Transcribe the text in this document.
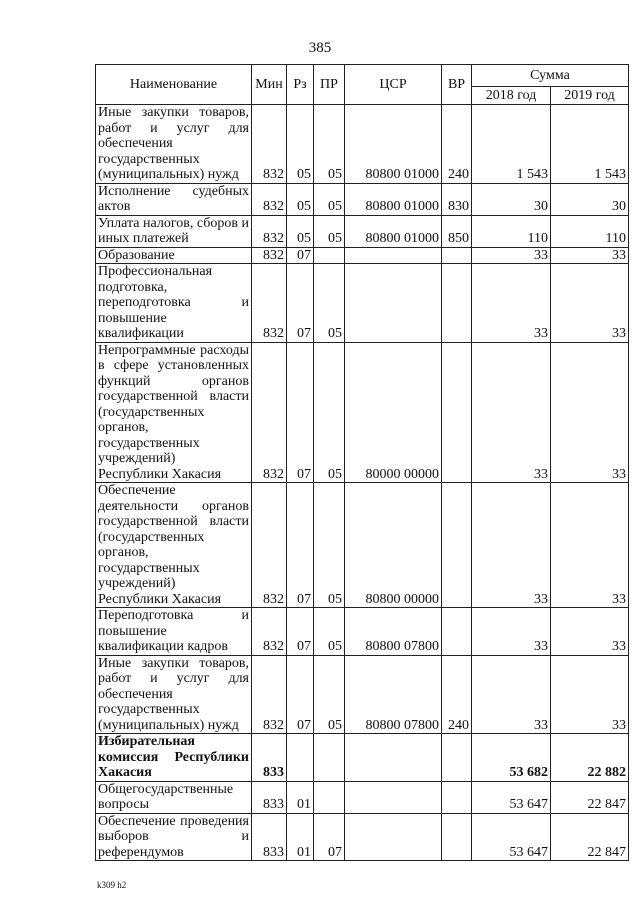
385
Наименование	Мин	Рз	ПР	ЦСР	ВР	Сумма	
						2018 год	2019 год
Иные закупки товаров, работ и услуг для обеспечения государственных (муниципальных) нужд	832	05	05	80800 01000	240	1 543	1 543
Исполнение судебных актов	832	05	05	80800 01000	830	30	30
Уплата налогов, сборов и иных платежей	832	05	05	80800 01000	850	110	110
Образование	832	07				33	33
Профессиональная подготовка, переподготовка и повышение квалификации	832	07	05			33	33
Непрограммные расходы в сфере установленных функций органов государственной власти (государственных органов, государственных учреждений) Республики Хакасия	832	07	05	80000 00000		33	33
Обеспечение деятельности органов государственной власти (государственных органов, государственных учреждений) Республики Хакасия	832	07	05	80800 00000		33	33
Переподготовка и повышение квалификации кадров	832	07	05	80800 07800		33	33
Иные закупки товаров, работ и услуг для обеспечения государственных (муниципальных) нужд	832	07	05	80800 07800	240	33	33
Избирательная комиссия Республики Хакасия	833					53 682	22 882
Общегосударственные вопросы	833	01				53 647	22 847
Обеспечение проведения выборов и референдумов	833	01	07			53 647	22 847
k309 h2
